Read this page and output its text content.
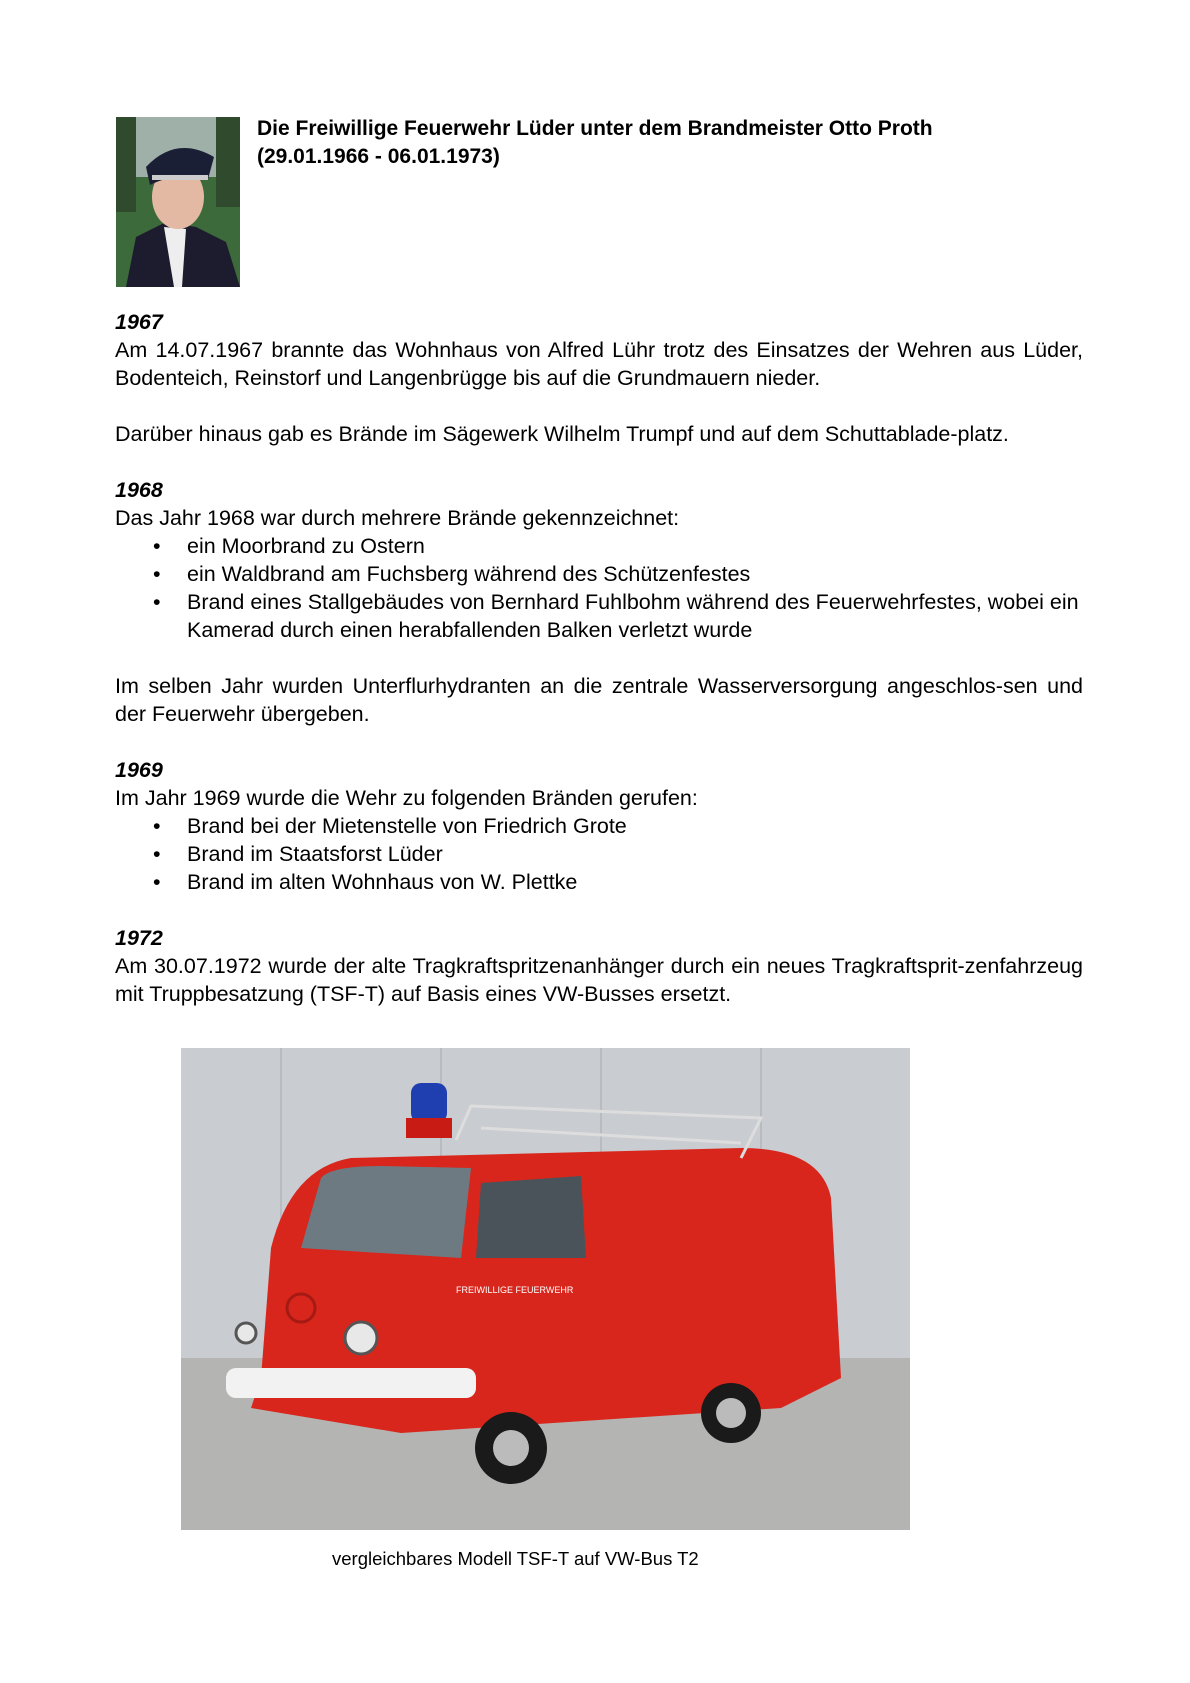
Die Freiwillige Feuerwehr Lüder unter dem Brandmeister Otto Proth
(29.01.1966 - 06.01.1973)
1967

Am 14.07.1967 brannte das Wohnhaus von Alfred Lühr trotz des Einsatzes der Wehren aus Lüder, Bodenteich, Reinstorf und Langenbrügge bis auf die Grundmauern nieder.

Darüber hinaus gab es Brände im Sägewerk Wilhelm Trumpf und auf dem Schuttablade-platz.

1968

Das Jahr 1968 war durch mehrere Brände gekennzeichnet:

• ein Moorbrand zu Ostern
• ein Waldbrand am Fuchsberg während des Schützenfestes
• Brand eines Stallgebäudes von Bernhard Fuhlbohm während des Feuerwehrfestes, wobei ein Kamerad durch einen herabfallenden Balken verletzt wurde

Im selben Jahr wurden Unterflurhydranten an die zentrale Wasserversorgung angeschlos-sen und der Feuerwehr übergeben.

1969

Im Jahr 1969 wurde die Wehr zu folgenden Bränden gerufen:

• Brand bei der Mietenstelle von Friedrich Grote
• Brand im Staatsforst Lüder
• Brand im alten Wohnhaus von W. Plettke
1972

Am 30.07.1972 wurde der alte Tragkraftspritzenanhänger durch ein neues Tragkraftsprit-zenfahrzeug mit Truppbesatzung (TSF-T) auf Basis eines VW-Busses ersetzt.

FREIWILLIGE FEUERWEHR
vergleichbares Modell TSF-T auf VW-Bus T2
